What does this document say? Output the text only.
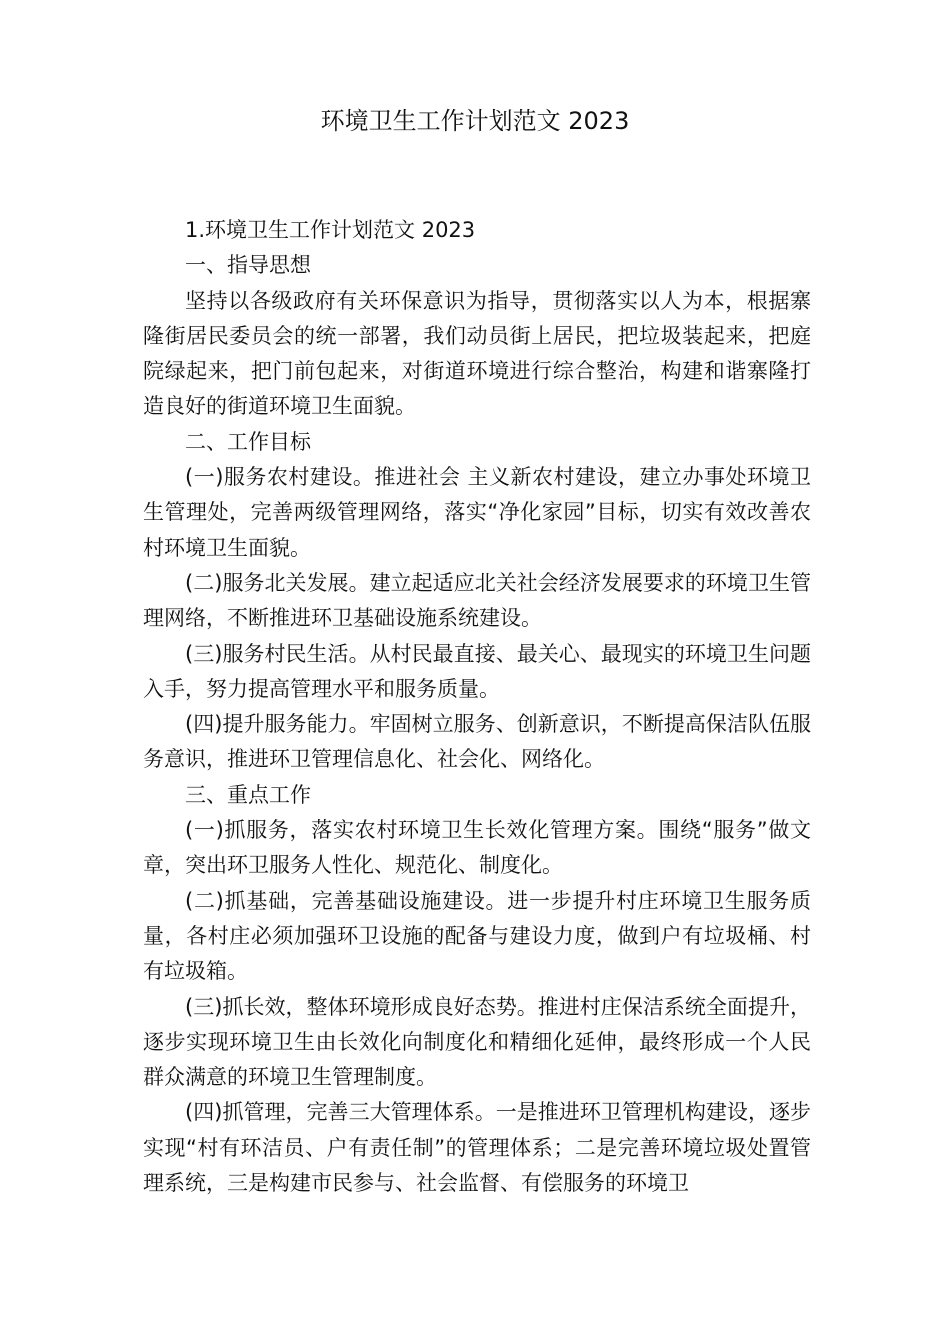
环境卫生工作计划范文 2023

1.环境卫生工作计划范文 2023

一、指导思想

坚持以各级政府有关环保意识为指导，贯彻落实以人为本，根据寨隆街居民委员会的统一部署，我们动员街上居民，把垃圾装起来，把庭院绿起来，把门前包起来，对街道环境进行综合整治，构建和谐寨隆打造良好的街道环境卫生面貌。

二、工作目标

(一)服务农村建设。推进社会 主义新农村建设，建立办事处环境卫生管理处，完善两级管理网络，落实“净化家园”目标，切实有效改善农村环境卫生面貌。

(二)服务北关发展。建立起适应北关社会经济发展要求的环境卫生管理网络，不断推进环卫基础设施系统建设。

(三)服务村民生活。从村民最直接、最关心、最现实的环境卫生问题入手，努力提高管理水平和服务质量。

(四)提升服务能力。牢固树立服务、创新意识，不断提高保洁队伍服务意识，推进环卫管理信息化、社会化、网络化。

三、重点工作

(一)抓服务，落实农村环境卫生长效化管理方案。围绕“服务”做文章，突出环卫服务人性化、规范化、制度化。

(二)抓基础，完善基础设施建设。进一步提升村庄环境卫生服务质量，各村庄必须加强环卫设施的配备与建设力度，做到户有垃圾桶、村有垃圾箱。

(三)抓长效，整体环境形成良好态势。推进村庄保洁系统全面提升，逐步实现环境卫生由长效化向制度化和精细化延伸，最终形成一个人民群众满意的环境卫生管理制度。

(四)抓管理，完善三大管理体系。一是推进环卫管理机构建设，逐步实现“村有环洁员、户有责任制”的管理体系；二是完善环境垃圾处置管理系统，三是构建市民参与、社会监督、有偿服务的环境卫
